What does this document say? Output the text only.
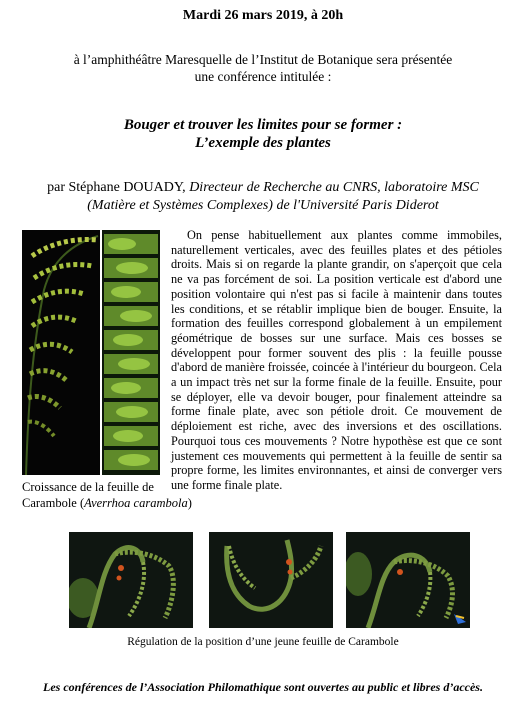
Mardi 26 mars 2019, à 20h
à l’amphithéâtre Maresquelle de l’Institut de Botanique sera présentée une conférence intitulée :
Bouger et trouver les limites pour se former :
L’exemple des plantes
par Stéphane DOUADY, Directeur de Recherche au CNRS, laboratoire MSC
(Matière et Systèmes Complexes) de l'Université Paris Diderot

On pense habituellement aux plantes comme immobiles, naturellement verticales, avec des feuilles plates et des pétioles droits. Mais si on regarde la plante grandir, on s'aperçoit que cela ne va pas forcément de soi. La position verticale est d'abord une position volontaire qui n'est pas si facile à maintenir dans toutes les conditions, et se rétablir implique bien de bouger. Ensuite, la formation des feuilles correspond globalement à un empilement géométrique de bosses sur une surface. Mais ces bosses se développent pour former souvent des plis : la feuille pousse d'abord de manière froissée, coincée à l'intérieur du bourgeon. Cela a un impact très net sur la forme finale de la feuille. Ensuite, pour se déployer, elle va devoir bouger, pour finalement atteindre sa forme finale plate, avec son pétiole droit. Ce mouvement de déploiement est riche, avec des inversions et des oscillations. Pourquoi tous ces mouvements ? Notre hypothèse est que ce sont justement ces mouvements qui permettent à la feuille de sentir sa propre forme, les limites environnantes, et ainsi de converger vers une forme finale plate.

Croissance de la feuille de
Carambole (Averrhoa carambola)
Régulation de la position d’une jeune feuille de Carambole
Les conférences de l’Association Philomathique sont ouvertes au public et libres d’accès.
